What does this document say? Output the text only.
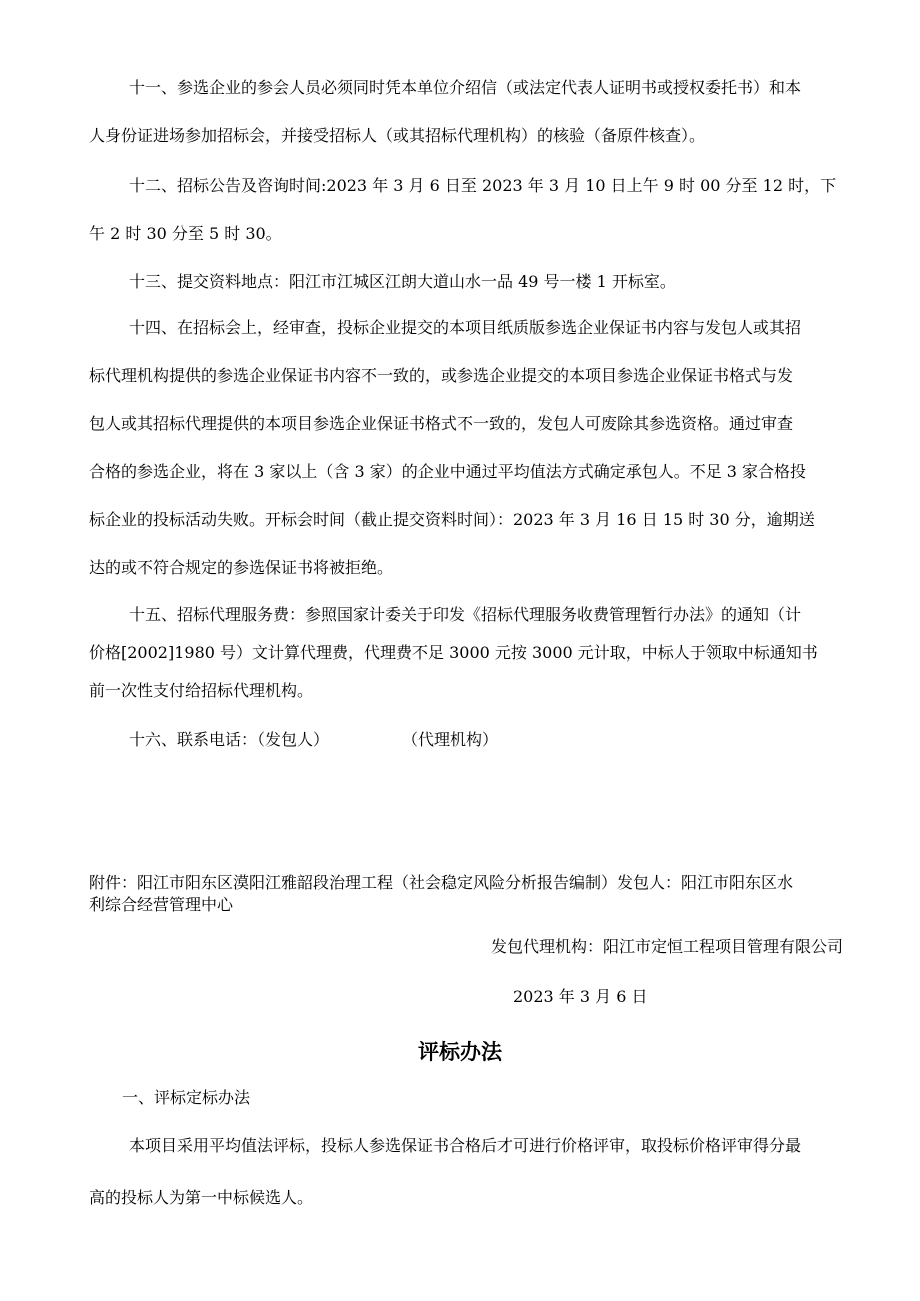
十一、参选企业的参会人员必须同时凭本单位介绍信（或法定代表人证明书或授权委托书）和本
人身份证进场参加招标会，并接受招标人（或其招标代理机构）的核验（备原件核查）。
十二、招标公告及咨询时间:2023 年 3 月 6 日至 2023 年 3 月 10 日上午 9 时 00 分至 12 时，下
午 2 时 30 分至 5 时 30。
十三、提交资料地点：阳江市江城区江朗大道山水一品 49 号一楼 1 开标室。
十四、在招标会上，经审查，投标企业提交的本项目纸质版参选企业保证书内容与发包人或其招
标代理机构提供的参选企业保证书内容不一致的，或参选企业提交的本项目参选企业保证书格式与发
包人或其招标代理提供的本项目参选企业保证书格式不一致的，发包人可废除其参选资格。通过审查
合格的参选企业，将在 3 家以上（含 3 家）的企业中通过平均值法方式确定承包人。不足 3 家合格投
标企业的投标活动失败。开标会时间（截止提交资料时间）：2023 年 3 月 16 日 15 时 30 分，逾期送
达的或不符合规定的参选保证书将被拒绝。
十五、招标代理服务费：参照国家计委关于印发《招标代理服务收费管理暂行办法》的通知（计
价格[2002]1980 号）文计算代理费，代理费不足 3000 元按 3000 元计取，中标人于领取中标通知书
前一次性支付给招标代理机构。
十六、联系电话：（发包人）	（代理机构）
附件：阳江市阳东区漠阳江雅韶段治理工程（社会稳定风险分析报告编制）发包人：阳江市阳东区水
利综合经营管理中心
发包代理机构：阳江市定恒工程项目管理有限公司
2023 年 3 月 6 日
评标办法
一、评标定标办法
本项目采用平均值法评标，投标人参选保证书合格后才可进行价格评审，取投标价格评审得分最
高的投标人为第一中标候选人。
